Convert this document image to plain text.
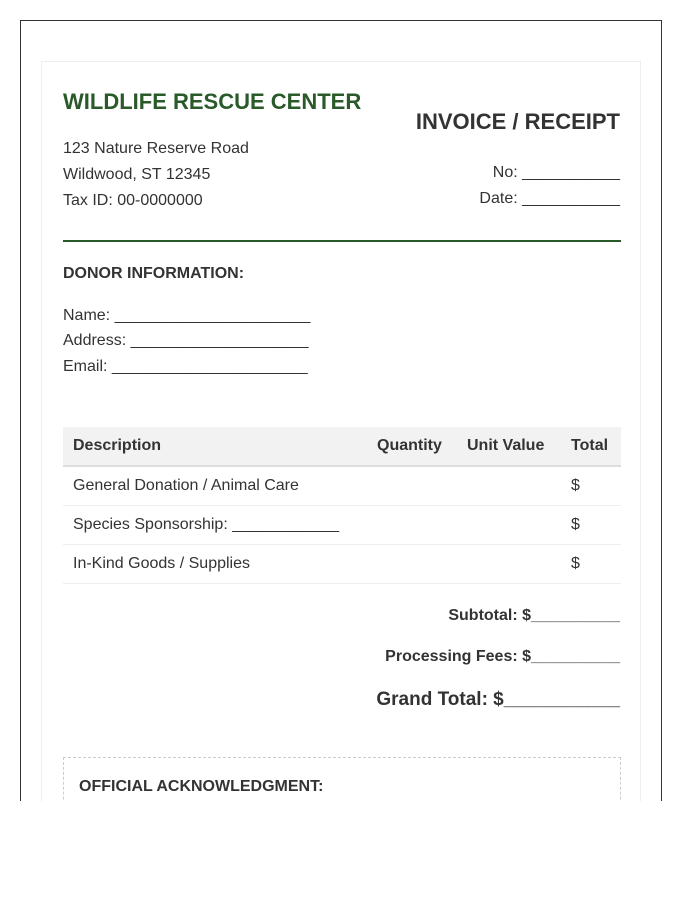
WILDLIFE RESCUE CENTER
INVOICE / RECEIPT
123 Nature Reserve Road
Wildwood, ST 12345
Tax ID: 00-0000000
No: ___________
Date: ___________
DONOR INFORMATION:
Name: ______________________
Address: ____________________
Email: ______________________
Description	Quantity	Unit Value	Total
General Donation / Animal Care			$
Species Sponsorship: ____________			$
In-Kind Goods / Supplies			$
Subtotal: $__________
Processing Fees: $__________
Grand Total: $___________
OFFICIAL ACKNOWLEDGMENT:
